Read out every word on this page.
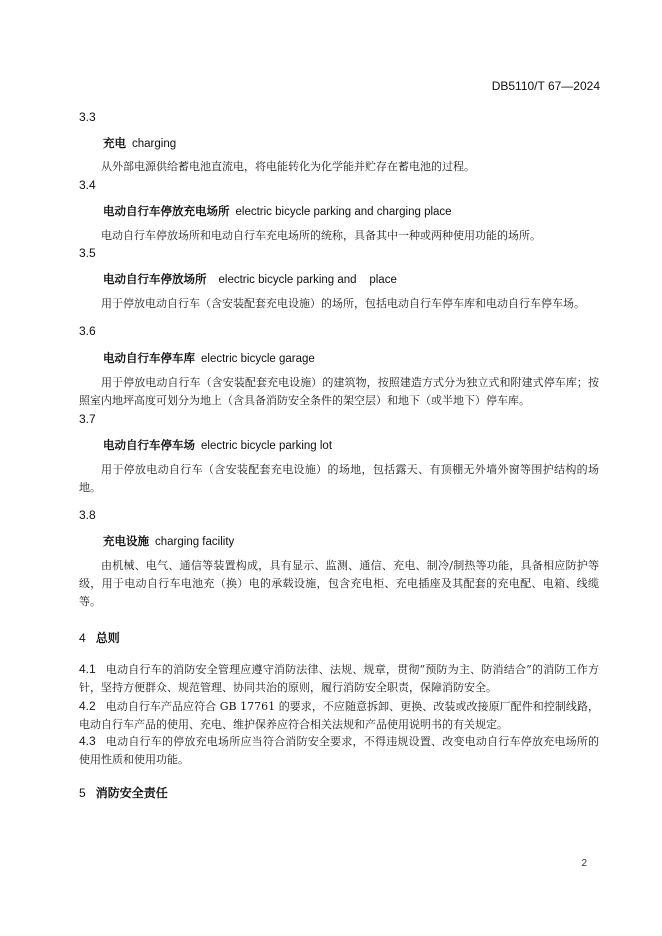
DB5110/T 67—2024
3.3
充电 charging
从外部电源供给蓄电池直流电，将电能转化为化学能并贮存在蓄电池的过程。
3.4
电动自行车停放充电场所 electric bicycle parking and charging place
电动自行车停放场所和电动自行车充电场所的统称，具备其中一种或两种使用功能的场所。
3.5
电动自行车停放场所 electric bicycle parking and    place
用于停放电动自行车（含安装配套充电设施）的场所，包括电动自行车停车库和电动自行车停车场。
3.6
电动自行车停车库 electric bicycle garage
用于停放电动自行车（含安装配套充电设施）的建筑物，按照建造方式分为独立式和附建式停车库；按照室内地坪高度可划分为地上（含具备消防安全条件的架空层）和地下（或半地下）停车库。
3.7
电动自行车停车场 electric bicycle parking lot
用于停放电动自行车（含安装配套充电设施）的场地，包括露天、有顶棚无外墙外窗等围护结构的场地。
3.8
充电设施 charging facility
由机械、电气、通信等装置构成，具有显示、监测、通信、充电、制冷/制热等功能，具备相应防护等级，用于电动自行车电池充（换）电的承载设施，包含充电柜、充电插座及其配套的充电配、电箱、线缆等。
4 总则
4.1 电动自行车的消防安全管理应遵守消防法律、法规、规章，贯彻“预防为主、防消结合”的消防工作方针，坚持方便群众、规范管理、协同共治的原则，履行消防安全职责，保障消防安全。
4.2 电动自行车产品应符合 GB 17761 的要求，不应随意拆卸、更换、改装或改接原厂配件和控制线路，电动自行车产品的使用、充电、维护保养应符合相关法规和产品使用说明书的有关规定。
4.3 电动自行车的停放充电场所应当符合消防安全要求，不得违规设置、改变电动自行车停放充电场所的使用性质和使用功能。
5 消防安全责任
2
